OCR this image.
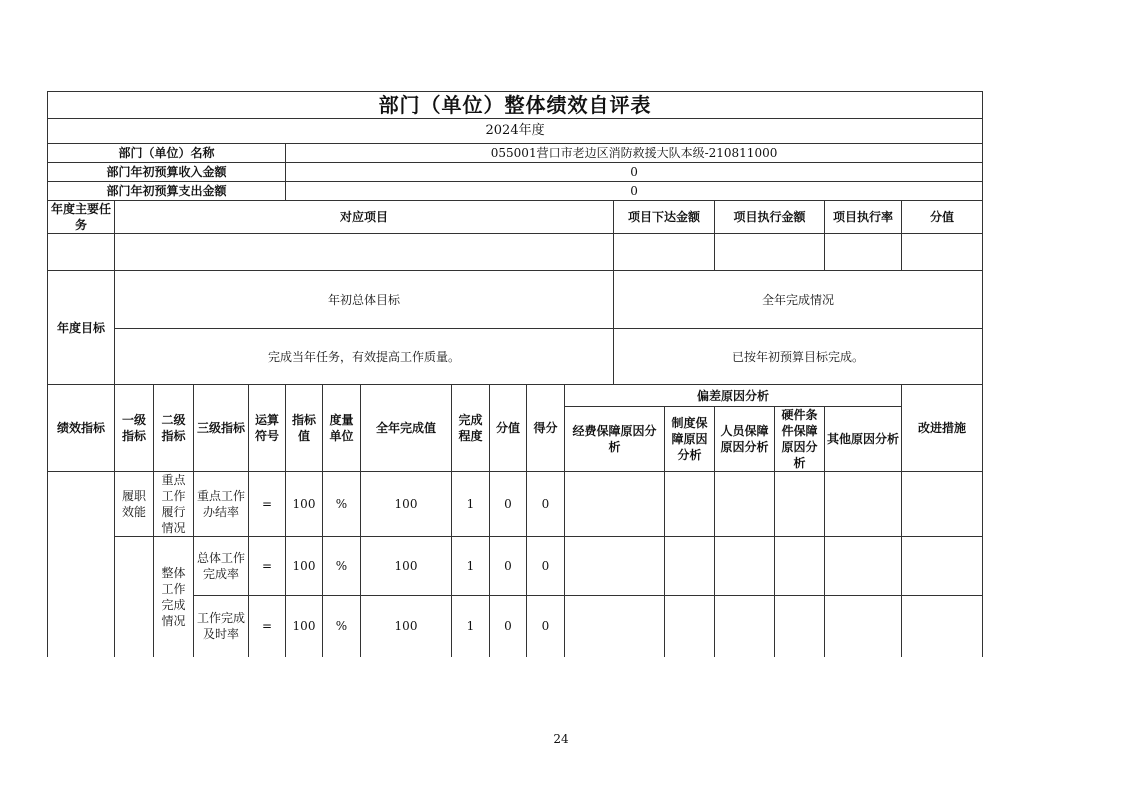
部门（单位）整体绩效自评表																		
2024年度																		
部门（单位）名称					055001营口市老边区消防救援大队本级-210811000													
部门年初预算收入金额					0													
部门年初预算支出金额					0													
年度主要任务	对应项目											项目下达金额		项目执行金额		项目执行率	分值	

年度目标	年初总体目标											全年完成情况						
	完成当年任务，有效提高工作质量。											已按年初预算目标完成。						
绩效指标	一级指标	二级指标	三级指标	运算符号	指标值	度量单位	全年完成值	完成程度	分值	得分	偏差原因分析						改进措施	
											经费保障原因分析		制度保障原因分析	人员保障原因分析	硬件条件保障原因分析	其他原因分析		
	履职效能	重点工作履行情况	重点工作办结率	=	100	%	100	1	0	0								
		整体工作完成情况	总体工作完成率	=	100	%	100	1	0	0								
			工作完成及时率	=	100	%	100	1	0	0								
24
